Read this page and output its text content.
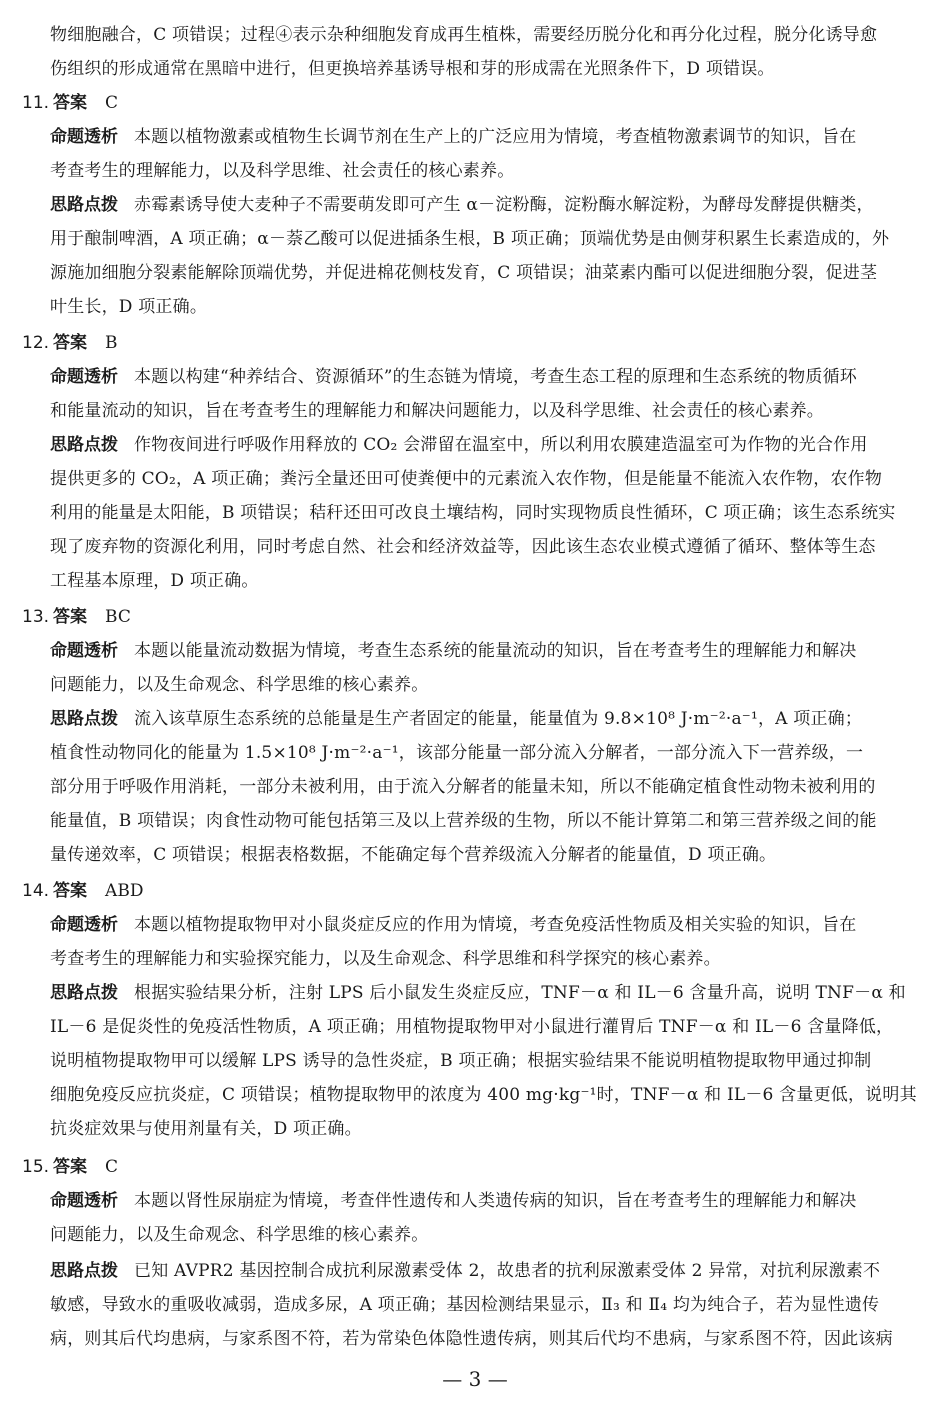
物细胞融合，C 项错误；过程④表示杂种细胞发育成再生植株，需要经历脱分化和再分化过程，脱分化诱导愈
伤组织的形成通常在黑暗中进行，但更换培养基诱导根和芽的形成需在光照条件下，D 项错误。
11. 答案 C
命题透析 本题以植物激素或植物生长调节剂在生产上的广泛应用为情境，考查植物激素调节的知识，旨在
考查考生的理解能力，以及科学思维、社会责任的核心素养。
思路点拨 赤霉素诱导使大麦种子不需要萌发即可产生 α－淀粉酶，淀粉酶水解淀粉，为酵母发酵提供糖类，
用于酿制啤酒，A 项正确；α－萘乙酸可以促进插条生根，B 项正确；顶端优势是由侧芽积累生长素造成的，外
源施加细胞分裂素能解除顶端优势，并促进棉花侧枝发育，C 项错误；油菜素内酯可以促进细胞分裂，促进茎
叶生长，D 项正确。
12. 答案 B
命题透析 本题以构建“种养结合、资源循环”的生态链为情境，考查生态工程的原理和生态系统的物质循环
和能量流动的知识，旨在考查考生的理解能力和解决问题能力，以及科学思维、社会责任的核心素养。
思路点拨 作物夜间进行呼吸作用释放的 CO₂ 会滞留在温室中，所以利用农膜建造温室可为作物的光合作用
提供更多的 CO₂，A 项正确；粪污全量还田可使粪便中的元素流入农作物，但是能量不能流入农作物，农作物
利用的能量是太阳能，B 项错误；秸秆还田可改良土壤结构，同时实现物质良性循环，C 项正确；该生态系统实
现了废弃物的资源化利用，同时考虑自然、社会和经济效益等，因此该生态农业模式遵循了循环、整体等生态
工程基本原理，D 项正确。
13. 答案 BC
命题透析 本题以能量流动数据为情境，考查生态系统的能量流动的知识，旨在考查考生的理解能力和解决
问题能力，以及生命观念、科学思维的核心素养。
思路点拨 流入该草原生态系统的总能量是生产者固定的能量，能量值为 9.8×10⁸ J·m⁻²·a⁻¹，A 项正确；
植食性动物同化的能量为 1.5×10⁸ J·m⁻²·a⁻¹，该部分能量一部分流入分解者，一部分流入下一营养级，一
部分用于呼吸作用消耗，一部分未被利用，由于流入分解者的能量未知，所以不能确定植食性动物未被利用的
能量值，B 项错误；肉食性动物可能包括第三及以上营养级的生物，所以不能计算第二和第三营养级之间的能
量传递效率，C 项错误；根据表格数据，不能确定每个营养级流入分解者的能量值，D 项正确。
14. 答案 ABD
命题透析 本题以植物提取物甲对小鼠炎症反应的作用为情境，考查免疫活性物质及相关实验的知识，旨在
考查考生的理解能力和实验探究能力，以及生命观念、科学思维和科学探究的核心素养。
思路点拨 根据实验结果分析，注射 LPS 后小鼠发生炎症反应，TNF－α 和 IL－6 含量升高，说明 TNF－α 和
IL－6 是促炎性的免疫活性物质，A 项正确；用植物提取物甲对小鼠进行灌胃后 TNF－α 和 IL－6 含量降低，
说明植物提取物甲可以缓解 LPS 诱导的急性炎症，B 项正确；根据实验结果不能说明植物提取物甲通过抑制
细胞免疫反应抗炎症，C 项错误；植物提取物甲的浓度为 400 mg·kg⁻¹时，TNF－α 和 IL－6 含量更低，说明其
抗炎症效果与使用剂量有关，D 项正确。
15. 答案 C
命题透析 本题以肾性尿崩症为情境，考查伴性遗传和人类遗传病的知识，旨在考查考生的理解能力和解决
问题能力，以及生命观念、科学思维的核心素养。
思路点拨 已知 AVPR2 基因控制合成抗利尿激素受体 2，故患者的抗利尿激素受体 2 异常，对抗利尿激素不
敏感，导致水的重吸收减弱，造成多尿，A 项正确；基因检测结果显示，Ⅱ₃ 和 Ⅱ₄ 均为纯合子，若为显性遗传
病，则其后代均患病，与家系图不符，若为常染色体隐性遗传病，则其后代均不患病，与家系图不符，因此该病
— 3 —
